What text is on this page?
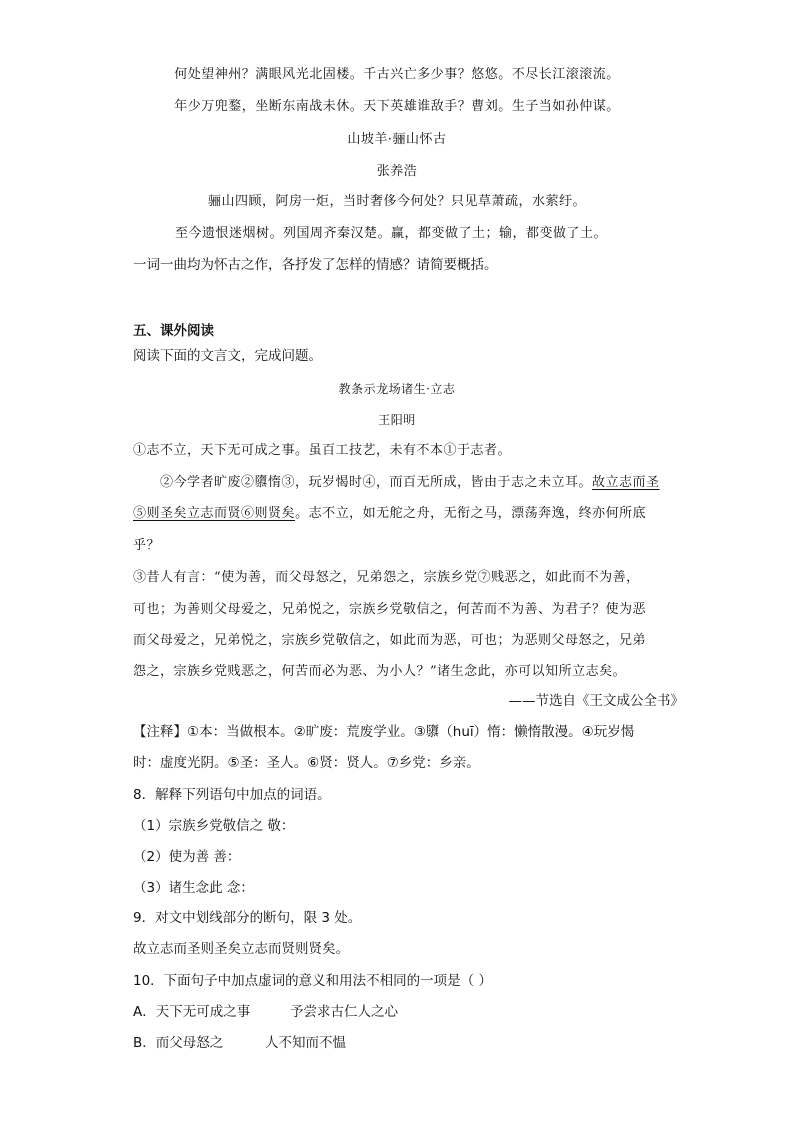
何处望神州？满眼风光北固楼。千古兴亡多少事？悠悠。不尽长江滚滚流。
年少万兜鍪，坐断东南战未休。天下英雄谁敌手？曹刘。生子当如孙仲谋。
山坡羊·骊山怀古
张养浩
骊山四顾，阿房一炬，当时奢侈今何处？只见草萧疏，水萦纡。
至今遗恨迷烟树。列国周齐秦汉楚。赢，都变做了土；输，都变做了土。
一词一曲均为怀古之作，各抒发了怎样的情感？请简要概括。
五、课外阅读
阅读下面的文言文，完成问题。
教条示龙场诸生·立志
王阳明
①志不立，天下无可成之事。虽百工技艺，未有不本①于志者。
②今学者旷废②隳惰③，玩岁愒时④，而百无所成，皆由于志之未立耳。故立志而圣
⑤则圣矣立志而贤⑥则贤矣。志不立，如无舵之舟，无衔之马，漂荡奔逸，终亦何所底
乎？
③昔人有言：“使为善，而父母怒之，兄弟怨之，宗族乡党⑦贱恶之，如此而不为善，
可也；为善则父母爱之，兄弟悦之，宗族乡党敬信之，何苦而不为善、为君子？使为恶
而父母爱之，兄弟悦之，宗族乡党敬信之，如此而为恶，可也；为恶则父母怒之，兄弟
怨之，宗族乡党贱恶之，何苦而必为恶、为小人？”诸生念此，亦可以知所立志矣。
——节选自《王文成公全书》
【注释】①本：当做根本。②旷废：荒废学业。③隳（huī）惰：懒惰散漫。④玩岁愒
时：虚度光阴。⑤圣：圣人。⑥贤：贤人。⑦乡党：乡亲。
8．解释下列语句中加点的词语。
（1）宗族乡党敬信之 敬：
（2）使为善 善：
（3）诸生念此 念：
9．对文中划线部分的断句，限 3 处。
故立志而圣则圣矣立志而贤则贤矣。
10．下面句子中加点虚词的意义和用法不相同的一项是（ ）
A．天下无可成之事	予尝求古仁人之心
B．而父母怒之	人不知而不愠
